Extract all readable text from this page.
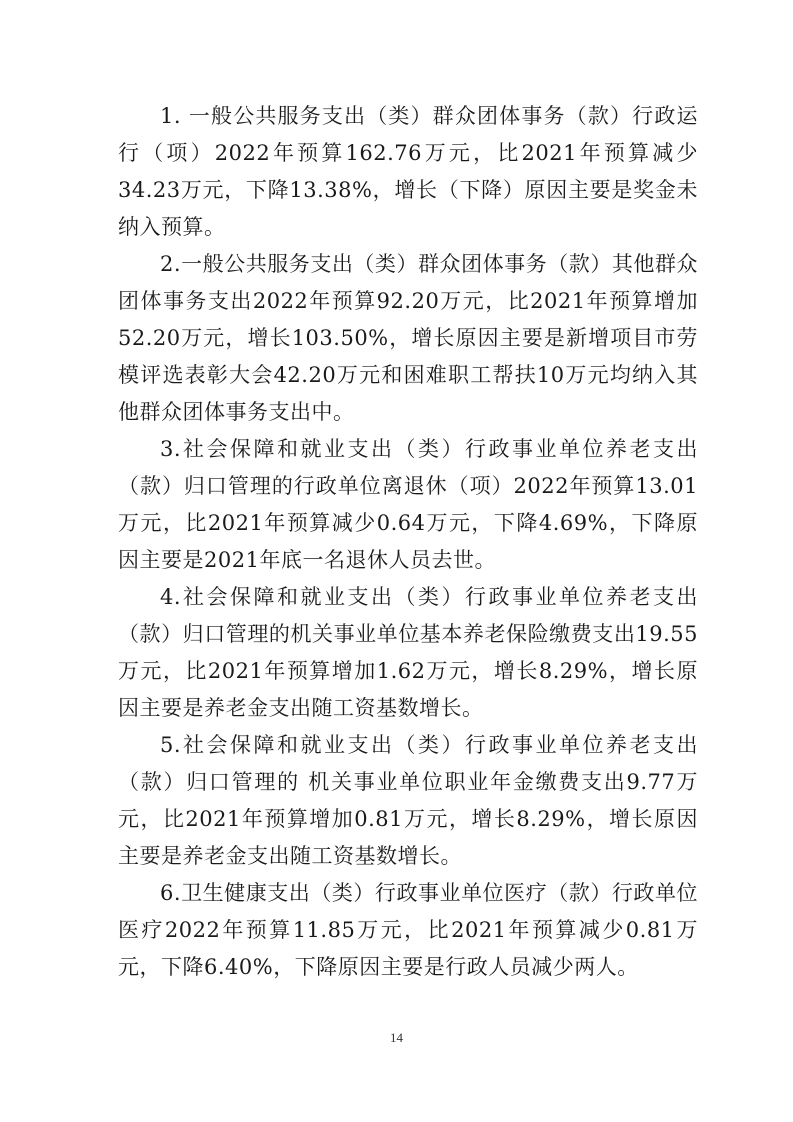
1. 一般公共服务支出（类）群众团体事务（款）行政运行（项）2022年预算162.76万元，比2021年预算减少34.23万元，下降13.38%，增长（下降）原因主要是奖金未纳入预算。

2.一般公共服务支出（类）群众团体事务（款）其他群众团体事务支出2022年预算92.20万元，比2021年预算增加52.20万元，增长103.50%，增长原因主要是新增项目市劳模评选表彰大会42.20万元和困难职工帮扶10万元均纳入其他群众团体事务支出中。

3.社会保障和就业支出（类）行政事业单位养老支出（款）归口管理的行政单位离退休（项）2022年预算13.01万元，比2021年预算减少0.64万元，下降4.69%，下降原因主要是2021年底一名退休人员去世。

4.社会保障和就业支出（类）行政事业单位养老支出（款）归口管理的机关事业单位基本养老保险缴费支出19.55万元，比2021年预算增加1.62万元，增长8.29%，增长原因主要是养老金支出随工资基数增长。

5.社会保障和就业支出（类）行政事业单位养老支出（款）归口管理的 机关事业单位职业年金缴费支出9.77万元，比2021年预算增加0.81万元，增长8.29%，增长原因主要是养老金支出随工资基数增长。

6.卫生健康支出（类）行政事业单位医疗（款）行政单位医疗2022年预算11.85万元，比2021年预算减少0.81万元，下降6.40%，下降原因主要是行政人员减少两人。

14
